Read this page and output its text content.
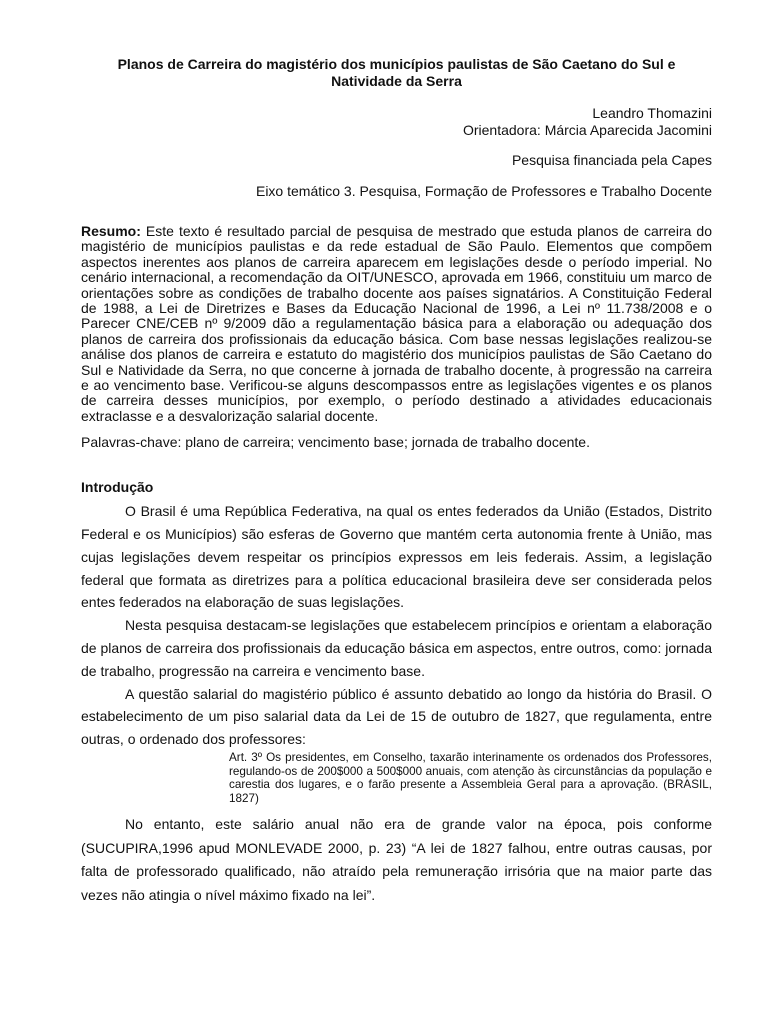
Planos de Carreira do magistério dos municípios paulistas de São Caetano do Sul e Natividade da Serra

Leandro Thomazini

Orientadora: Márcia Aparecida Jacomini

Pesquisa financiada pela Capes

Eixo temático 3. Pesquisa, Formação de Professores e Trabalho Docente

Resumo: Este texto é resultado parcial de pesquisa de mestrado que estuda planos de carreira do magistério de municípios paulistas e da rede estadual de São Paulo. Elementos que compõem aspectos inerentes aos planos de carreira aparecem em legislações desde o período imperial. No cenário internacional, a recomendação da OIT/UNESCO, aprovada em 1966, constituiu um marco de orientações sobre as condições de trabalho docente aos países signatários. A Constituição Federal de 1988, a Lei de Diretrizes e Bases da Educação Nacional de 1996, a Lei nº 11.738/2008 e o Parecer CNE/CEB nº 9/2009 dão a regulamentação básica para a elaboração ou adequação dos planos de carreira dos profissionais da educação básica. Com base nessas legislações realizou-se análise dos planos de carreira e estatuto do magistério dos municípios paulistas de São Caetano do Sul e Natividade da Serra, no que concerne à jornada de trabalho docente, à progressão na carreira e ao vencimento base. Verificou-se alguns descompassos entre as legislações vigentes e os planos de carreira desses municípios, por exemplo, o período destinado a atividades educacionais extraclasse e a desvalorização salarial docente.

Palavras-chave: plano de carreira; vencimento base; jornada de trabalho docente.

Introdução

O Brasil é uma República Federativa, na qual os entes federados da União (Estados, Distrito Federal e os Municípios) são esferas de Governo que mantém certa autonomia frente à União, mas cujas legislações devem respeitar os princípios expressos em leis federais. Assim, a legislação federal que formata as diretrizes para a política educacional brasileira deve ser considerada pelos entes federados na elaboração de suas legislações.

Nesta pesquisa destacam-se legislações que estabelecem princípios e orientam a elaboração de planos de carreira dos profissionais da educação básica em aspectos, entre outros, como: jornada de trabalho, progressão na carreira e vencimento base.

A questão salarial do magistério público é assunto debatido ao longo da história do Brasil. O estabelecimento de um piso salarial data da Lei de 15 de outubro de 1827, que regulamenta, entre outras, o ordenado dos professores:

Art. 3º Os presidentes, em Conselho, taxarão interinamente os ordenados dos Professores, regulando-os de 200$000 a 500$000 anuais, com atenção às circunstâncias da população e carestia dos lugares, e o farão presente a Assembleia Geral para a aprovação. (BRASIL, 1827)

No entanto, este salário anual não era de grande valor na época, pois conforme (SUCUPIRA,1996 apud MONLEVADE 2000, p. 23) “A lei de 1827 falhou, entre outras causas, por falta de professorado qualificado, não atraído pela remuneração irrisória que na maior parte das vezes não atingia o nível máximo fixado na lei”.
